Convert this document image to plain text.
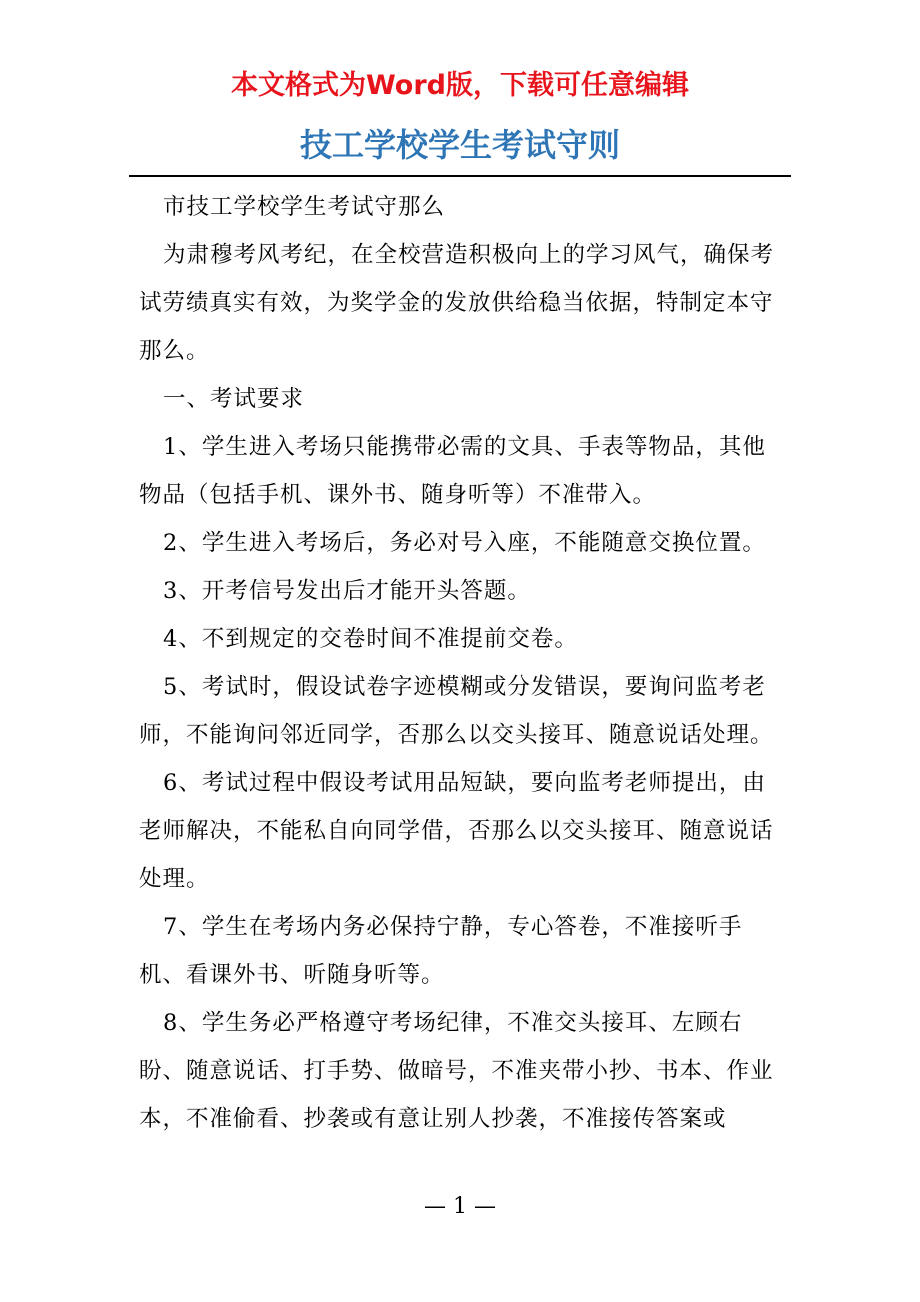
本文格式为Word版，下载可任意编辑
技工学校学生考试守则

市技工学校学生考试守那么

为肃穆考风考纪，在全校营造积极向上的学习风气，确保考试劳绩真实有效，为奖学金的发放供给稳当依据，特制定本守那么。

一、考试要求

1、学生进入考场只能携带必需的文具、手表等物品，其他物品（包括手机、课外书、随身听等）不准带入。

2、学生进入考场后，务必对号入座，不能随意交换位置。

3、开考信号发出后才能开头答题。

4、不到规定的交卷时间不准提前交卷。

5、考试时，假设试卷字迹模糊或分发错误，要询问监考老师，不能询问邻近同学，否那么以交头接耳、随意说话处理。

6、考试过程中假设考试用品短缺，要向监考老师提出，由老师解决，不能私自向同学借，否那么以交头接耳、随意说话处理。

7、学生在考场内务必保持宁静，专心答卷，不准接听手机、看课外书、听随身听等。

8、学生务必严格遵守考场纪律，不准交头接耳、左顾右盼、随意说话、打手势、做暗号，不准夹带小抄、书本、作业本，不准偷看、抄袭或有意让别人抄袭，不准接传答案或

— 1 —
